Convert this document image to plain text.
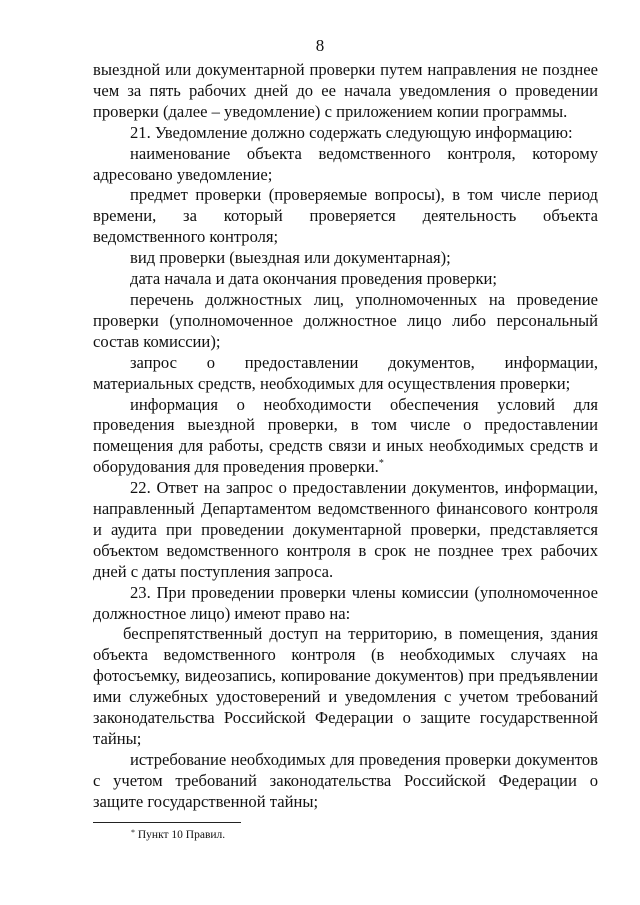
8

выездной или документарной проверки путем направления не позднее чем за пять рабочих дней до ее начала уведомления о проведении проверки (далее – уведомление) с приложением копии программы.

21. Уведомление должно содержать следующую информацию:

наименование объекта ведомственного контроля, которому адресовано уведомление;

предмет проверки (проверяемые вопросы), в том числе период времени, за который проверяется деятельность объекта ведомственного контроля;

вид проверки (выездная или документарная);

дата начала и дата окончания проведения проверки;

перечень должностных лиц, уполномоченных на проведение проверки (уполномоченное должностное лицо либо персональный состав комиссии);

запрос о предоставлении документов, информации, материальных средств, необходимых для осуществления проверки;

информация о необходимости обеспечения условий для проведения выездной проверки, в том числе о предоставлении помещения для работы, средств связи и иных необходимых средств и оборудования для проведения проверки.*

22. Ответ на запрос о предоставлении документов, информации, направленный Департаментом ведомственного финансового контроля и аудита при проведении документарной проверки, представляется объектом ведомственного контроля в срок не позднее трех рабочих дней с даты поступления запроса.

23. При проведении проверки члены комиссии (уполномоченное должностное лицо) имеют право на:

беспрепятственный доступ на территорию, в помещения, здания объекта ведомственного контроля (в необходимых случаях на фотосъемку, видеозапись, копирование документов) при предъявлении ими служебных удостоверений и уведомления с учетом требований законодательства Российской Федерации о защите государственной тайны;

истребование необходимых для проведения проверки документов с учетом требований законодательства Российской Федерации о защите государственной тайны;

* Пункт 10 Правил.
